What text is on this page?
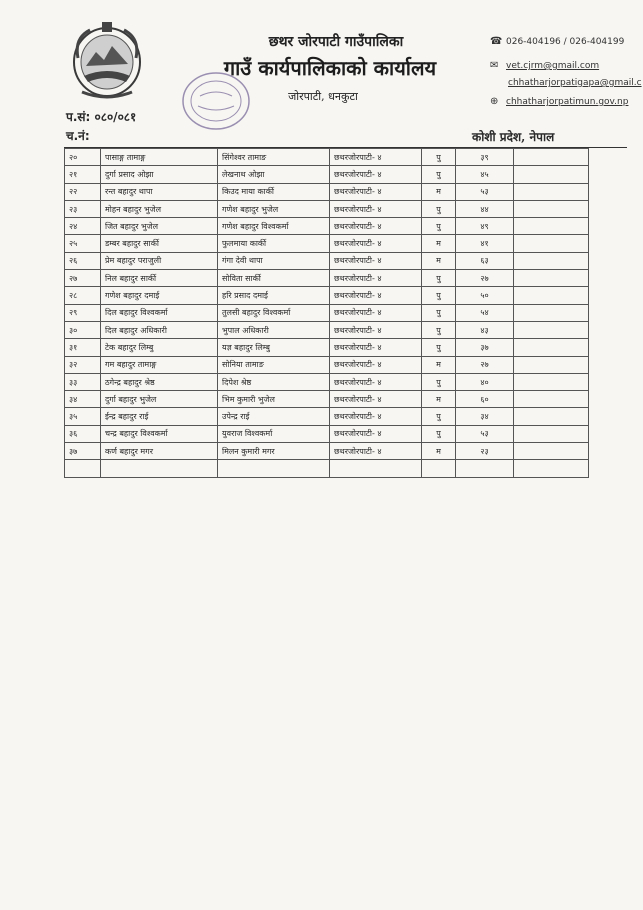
छथर जोरपाटी गाउँपालिका
गाउँ कार्यपालिकाको कार्यालय
जोरपाटी, धनकुटा
प.सं: ०८०/०८१
च.नं:	कोशी प्रदेश, नेपाल
☎ 026-404196 / 026-404199
✉ vet.cjrm@gmail.com
chhatharjorpatigapa@gmail.c
⊕ chhatharjorpatimun.gov.np
२०	पासाङ्ग तामाङ्ग	सिंगेश्वर तामाङ	छथरजोरपाटी- ४	पु	३९	
२१	दुर्गा प्रसाद ओझा	लेखनाथ ओझा	छथरजोरपाटी- ४	पु	४५	
२२	रन्त बहादुर थापा	किउद माया कार्की	छथरजोरपाटी- ४	म	५३	
२३	मोहन बहादुर भुजेल	गणेश बहादुर भुजेल	छथरजोरपाटी- ४	पु	४४	
२४	जित बहादुर भुजेल	गणेश बहादुर विश्वकर्मा	छथरजोरपाटी- ४	पु	४९	
२५	डम्बर बहादुर सार्की	फुलमाया कार्की	छथरजोरपाटी- ४	म	४१	
२६	प्रेम बहादुर पराजुली	गंगा देवी थापा	छथरजोरपाटी- ४	म	६३	
२७	निल बहादुर सार्की	सोविता सार्की	छथरजोरपाटी- ४	पु	२७	
२८	गणेश बहादुर दमाई	हरि प्रसाद दमाई	छथरजोरपाटी- ४	पु	५०	
२९	दिल बहादुर विश्वकर्मा	तुलसी बहादुर विश्वकर्मा	छथरजोरपाटी- ४	पु	५४	
३०	दिल बहादुर अधिकारी	भुपाल अधिकारी	छथरजोरपाटी- ४	पु	४३	
३१	टेक बहादुर लिम्बु	यज्ञ बहादुर लिम्बु	छथरजोरपाटी- ४	पु	३७	
३२	गम बहादुर तामाङ्ग	सोनिया तामाङ	छथरजोरपाटी- ४	म	२७	
३३	ठगेन्द्र बहादुर श्रेष्ठ	दिपेश श्रेष्ठ	छथरजोरपाटी- ४	पु	४०	
३४	दुर्गा बहादुर भुजेल	भिम कुमारी भुजेल	छथरजोरपाटी- ४	म	६०	
३५	ईन्द्र बहादुर राई	उपेन्द्र राई	छथरजोरपाटी- ४	पु	३४	
३६	चन्द्र बहादुर विश्वकर्मा	युवराज विश्वकर्मा	छथरजोरपाटी- ४	पु	५३	
३७	कर्ण बहादुर मगर	मिलन कुमारी मगर	छथरजोरपाटी- ४	म	२३	
